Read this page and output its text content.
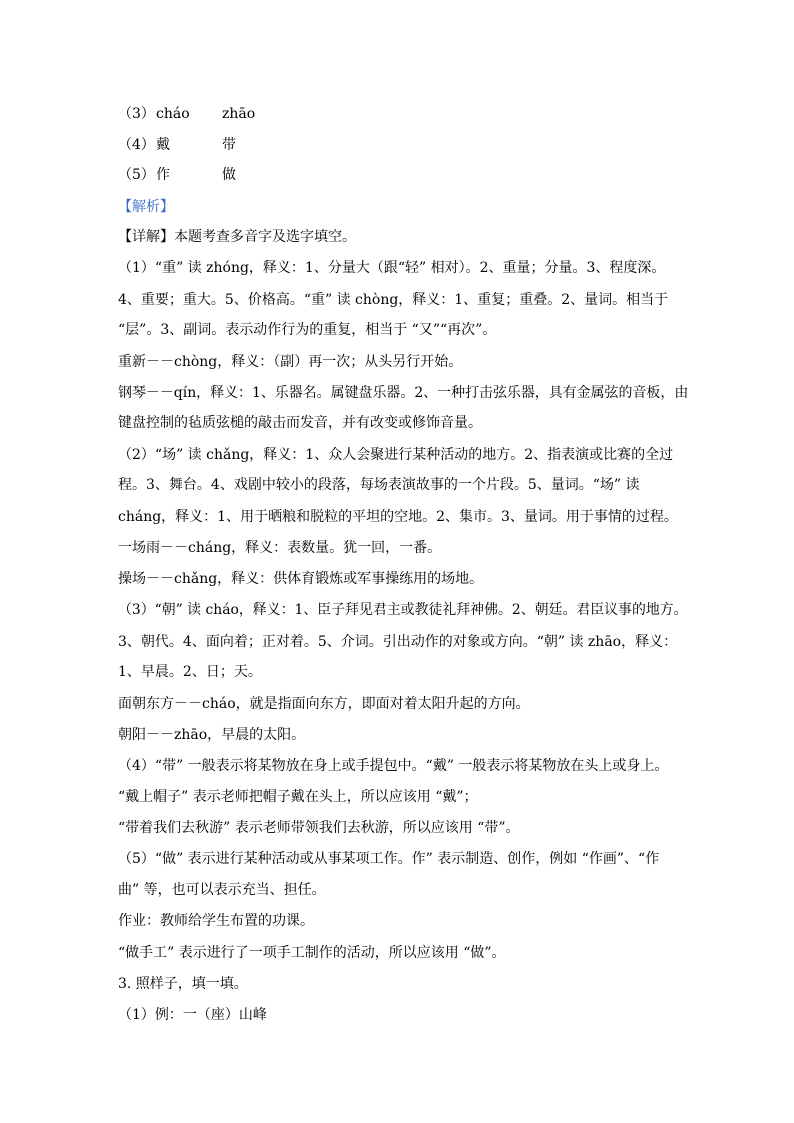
（3）cháo zhāo
（4）戴	带
（5）作	做
【解析】
【详解】本题考查多音字及选字填空。
（1）“重” 读 zhóng，释义：1、分量大（跟“轻” 相对）。2、重量；分量。3、程度深。
4、重要；重大。5、价格高。“重” 读 chòng，释义：1、重复；重叠。2、量词。相当于
“层”。3、副词。表示动作行为的重复，相当于 “又”“再次”。
重新－－chòng，释义：（副）再一次；从头另行开始。
钢琴－－qín，释义：1、乐器名。属键盘乐器。2、一种打击弦乐器，具有金属弦的音板，由
键盘控制的毡质弦槌的敲击而发音，并有改变或修饰音量。
（2）“场” 读 chǎng，释义：1、众人会聚进行某种活动的地方。2、指表演或比赛的全过
程。3、舞台。4、戏剧中较小的段落，每场表演故事的一个片段。5、量词。“场” 读
cháng，释义：1、用于晒粮和脱粒的平坦的空地。2、集市。3、量词。用于事情的过程。
一场雨－－cháng，释义：表数量。犹一回，一番。
操场－－chǎng，释义：供体育锻炼或军事操练用的场地。
（3）“朝” 读 cháo，释义：1、臣子拜见君主或教徒礼拜神佛。2、朝廷。君臣议事的地方。
3、朝代。4、面向着；正对着。5、介词。引出动作的对象或方向。“朝” 读 zhāo，释义：
1、早晨。2、日；天。
面朝东方－－cháo，就是指面向东方，即面对着太阳升起的方向。
朝阳－－zhāo，早晨的太阳。
（4）“带” 一般表示将某物放在身上或手提包中。“戴” 一般表示将某物放在头上或身上。
“戴上帽子” 表示老师把帽子戴在头上，所以应该用 “戴”；
“带着我们去秋游” 表示老师带领我们去秋游，所以应该用 “带”。
（5）“做” 表示进行某种活动或从事某项工作。作” 表示制造、创作，例如 “作画”、“作
曲” 等，也可以表示充当、担任。
作业：教师给学生布置的功课。
“做手工” 表示进行了一项手工制作的活动，所以应该用 “做”。
3. 照样子，填一填。
（1）例：一（座）山峰
